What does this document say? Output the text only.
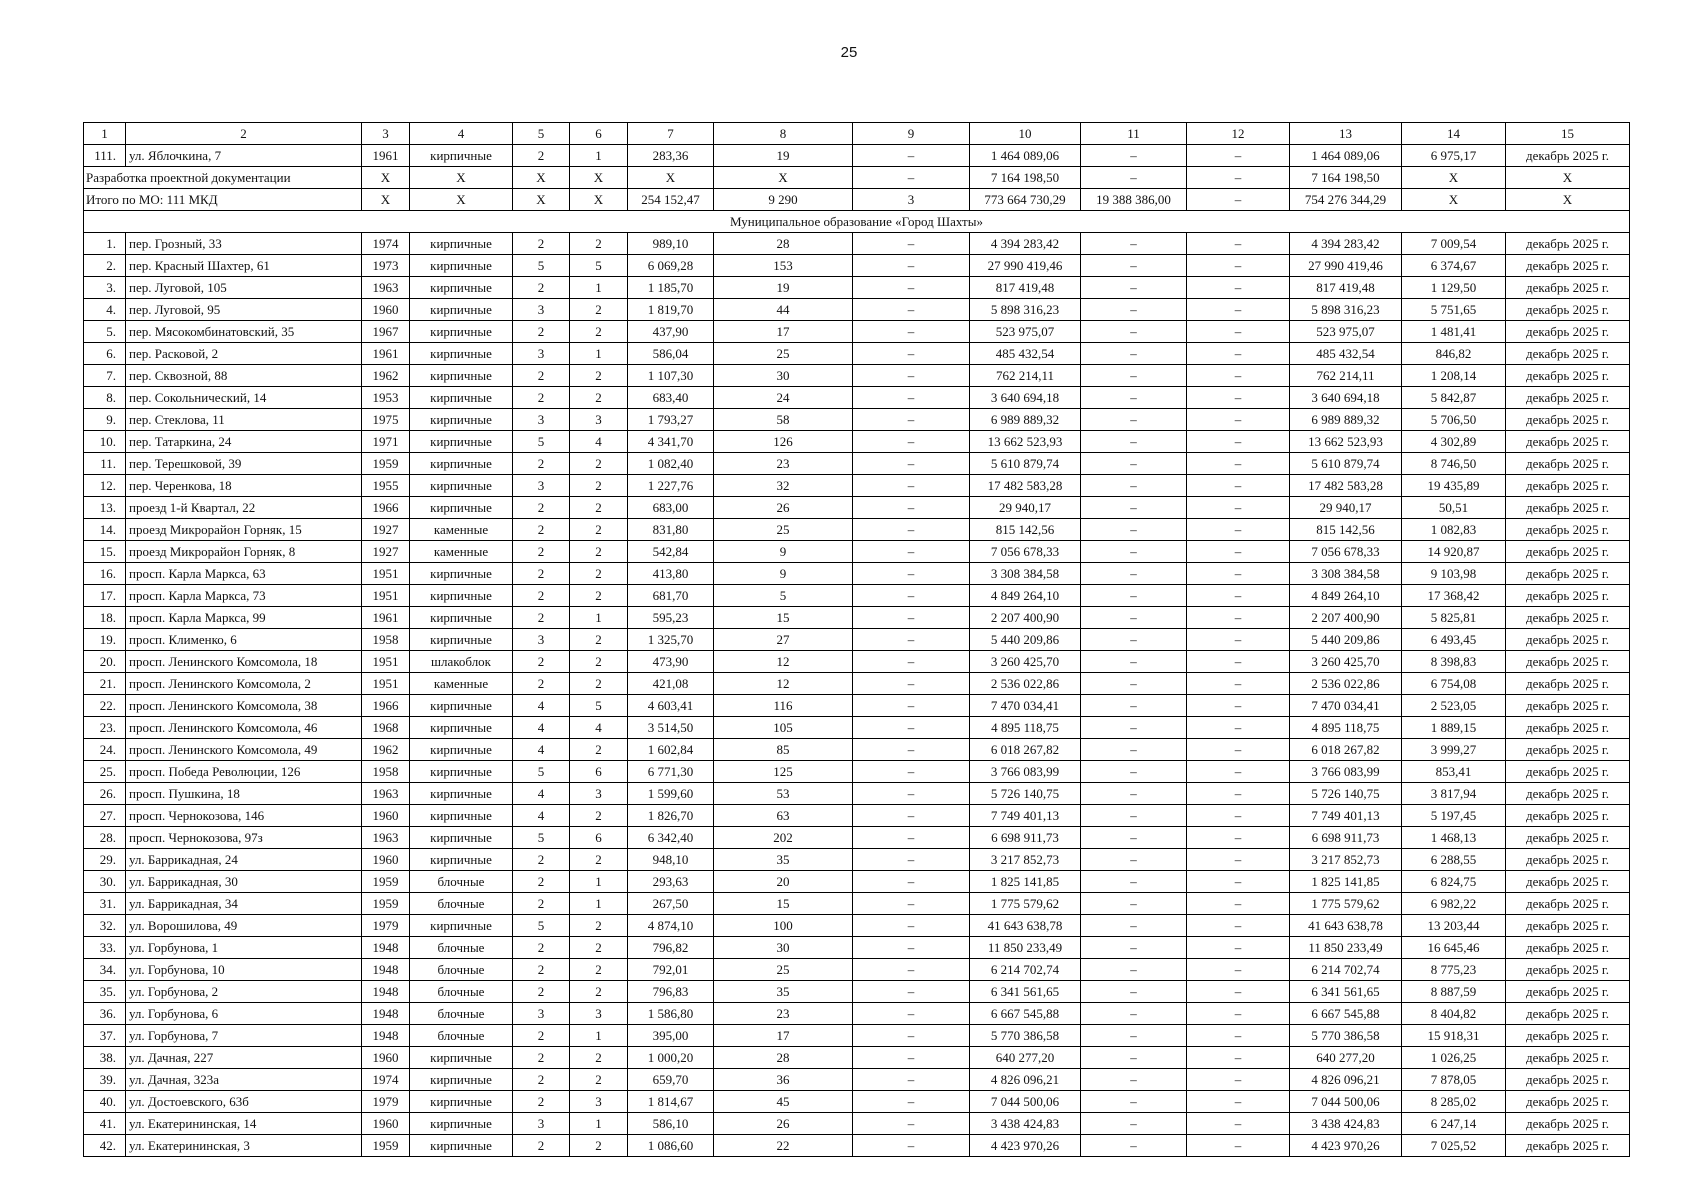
25
1	2	3	4	5	6	7	8	9	10	11	12	13	14	15
111.	ул. Яблочкина, 7	1961	кирпичные	2	1	283,36	19	–	1 464 089,06	–	–	1 464 089,06	6 975,17	декабрь 2025 г.
Разработка проектной документации		X	X	X	X	X	X	–	7 164 198,50	–	–	7 164 198,50	X	X
Итого по МО: 111 МКД		X	X	X	X	254 152,47	9 290	3	773 664 730,29	19 388 386,00	–	754 276 344,29	X	X
Муниципальное образование «Город Шахты»														
1.	пер. Грозный, 33	1974	кирпичные	2	2	989,10	28	–	4 394 283,42	–	–	4 394 283,42	7 009,54	декабрь 2025 г.
2.	пер. Красный Шахтер, 61	1973	кирпичные	5	5	6 069,28	153	–	27 990 419,46	–	–	27 990 419,46	6 374,67	декабрь 2025 г.
3.	пер. Луговой, 105	1963	кирпичные	2	1	1 185,70	19	–	817 419,48	–	–	817 419,48	1 129,50	декабрь 2025 г.
4.	пер. Луговой, 95	1960	кирпичные	3	2	1 819,70	44	–	5 898 316,23	–	–	5 898 316,23	5 751,65	декабрь 2025 г.
5.	пер. Мясокомбинатовский, 35	1967	кирпичные	2	2	437,90	17	–	523 975,07	–	–	523 975,07	1 481,41	декабрь 2025 г.
6.	пер. Расковой, 2	1961	кирпичные	3	1	586,04	25	–	485 432,54	–	–	485 432,54	846,82	декабрь 2025 г.
7.	пер. Сквозной, 88	1962	кирпичные	2	2	1 107,30	30	–	762 214,11	–	–	762 214,11	1 208,14	декабрь 2025 г.
8.	пер. Сокольнический, 14	1953	кирпичные	2	2	683,40	24	–	3 640 694,18	–	–	3 640 694,18	5 842,87	декабрь 2025 г.
9.	пер. Стеклова, 11	1975	кирпичные	3	3	1 793,27	58	–	6 989 889,32	–	–	6 989 889,32	5 706,50	декабрь 2025 г.
10.	пер. Татаркина, 24	1971	кирпичные	5	4	4 341,70	126	–	13 662 523,93	–	–	13 662 523,93	4 302,89	декабрь 2025 г.
11.	пер. Терешковой, 39	1959	кирпичные	2	2	1 082,40	23	–	5 610 879,74	–	–	5 610 879,74	8 746,50	декабрь 2025 г.
12.	пер. Черенкова, 18	1955	кирпичные	3	2	1 227,76	32	–	17 482 583,28	–	–	17 482 583,28	19 435,89	декабрь 2025 г.
13.	проезд 1-й Квартал, 22	1966	кирпичные	2	2	683,00	26	–	29 940,17	–	–	29 940,17	50,51	декабрь 2025 г.
14.	проезд Микрорайон Горняк, 15	1927	каменные	2	2	831,80	25	–	815 142,56	–	–	815 142,56	1 082,83	декабрь 2025 г.
15.	проезд Микрорайон Горняк, 8	1927	каменные	2	2	542,84	9	–	7 056 678,33	–	–	7 056 678,33	14 920,87	декабрь 2025 г.
16.	просп. Карла Маркса, 63	1951	кирпичные	2	2	413,80	9	–	3 308 384,58	–	–	3 308 384,58	9 103,98	декабрь 2025 г.
17.	просп. Карла Маркса, 73	1951	кирпичные	2	2	681,70	5	–	4 849 264,10	–	–	4 849 264,10	17 368,42	декабрь 2025 г.
18.	просп. Карла Маркса, 99	1961	кирпичные	2	1	595,23	15	–	2 207 400,90	–	–	2 207 400,90	5 825,81	декабрь 2025 г.
19.	просп. Клименко, 6	1958	кирпичные	3	2	1 325,70	27	–	5 440 209,86	–	–	5 440 209,86	6 493,45	декабрь 2025 г.
20.	просп. Ленинского Комсомола, 18	1951	шлакоблок	2	2	473,90	12	–	3 260 425,70	–	–	3 260 425,70	8 398,83	декабрь 2025 г.
21.	просп. Ленинского Комсомола, 2	1951	каменные	2	2	421,08	12	–	2 536 022,86	–	–	2 536 022,86	6 754,08	декабрь 2025 г.
22.	просп. Ленинского Комсомола, 38	1966	кирпичные	4	5	4 603,41	116	–	7 470 034,41	–	–	7 470 034,41	2 523,05	декабрь 2025 г.
23.	просп. Ленинского Комсомола, 46	1968	кирпичные	4	4	3 514,50	105	–	4 895 118,75	–	–	4 895 118,75	1 889,15	декабрь 2025 г.
24.	просп. Ленинского Комсомола, 49	1962	кирпичные	4	2	1 602,84	85	–	6 018 267,82	–	–	6 018 267,82	3 999,27	декабрь 2025 г.
25.	просп. Победа Революции, 126	1958	кирпичные	5	6	6 771,30	125	–	3 766 083,99	–	–	3 766 083,99	853,41	декабрь 2025 г.
26.	просп. Пушкина, 18	1963	кирпичные	4	3	1 599,60	53	–	5 726 140,75	–	–	5 726 140,75	3 817,94	декабрь 2025 г.
27.	просп. Чернокозова, 146	1960	кирпичные	4	2	1 826,70	63	–	7 749 401,13	–	–	7 749 401,13	5 197,45	декабрь 2025 г.
28.	просп. Чернокозова, 97з	1963	кирпичные	5	6	6 342,40	202	–	6 698 911,73	–	–	6 698 911,73	1 468,13	декабрь 2025 г.
29.	ул. Баррикадная, 24	1960	кирпичные	2	2	948,10	35	–	3 217 852,73	–	–	3 217 852,73	6 288,55	декабрь 2025 г.
30.	ул. Баррикадная, 30	1959	блочные	2	1	293,63	20	–	1 825 141,85	–	–	1 825 141,85	6 824,75	декабрь 2025 г.
31.	ул. Баррикадная, 34	1959	блочные	2	1	267,50	15	–	1 775 579,62	–	–	1 775 579,62	6 982,22	декабрь 2025 г.
32.	ул. Ворошилова, 49	1979	кирпичные	5	2	4 874,10	100	–	41 643 638,78	–	–	41 643 638,78	13 203,44	декабрь 2025 г.
33.	ул. Горбунова, 1	1948	блочные	2	2	796,82	30	–	11 850 233,49	–	–	11 850 233,49	16 645,46	декабрь 2025 г.
34.	ул. Горбунова, 10	1948	блочные	2	2	792,01	25	–	6 214 702,74	–	–	6 214 702,74	8 775,23	декабрь 2025 г.
35.	ул. Горбунова, 2	1948	блочные	2	2	796,83	35	–	6 341 561,65	–	–	6 341 561,65	8 887,59	декабрь 2025 г.
36.	ул. Горбунова, 6	1948	блочные	3	3	1 586,80	23	–	6 667 545,88	–	–	6 667 545,88	8 404,82	декабрь 2025 г.
37.	ул. Горбунова, 7	1948	блочные	2	1	395,00	17	–	5 770 386,58	–	–	5 770 386,58	15 918,31	декабрь 2025 г.
38.	ул. Дачная, 227	1960	кирпичные	2	2	1 000,20	28	–	640 277,20	–	–	640 277,20	1 026,25	декабрь 2025 г.
39.	ул. Дачная, 323а	1974	кирпичные	2	2	659,70	36	–	4 826 096,21	–	–	4 826 096,21	7 878,05	декабрь 2025 г.
40.	ул. Достоевского, 63б	1979	кирпичные	2	3	1 814,67	45	–	7 044 500,06	–	–	7 044 500,06	8 285,02	декабрь 2025 г.
41.	ул. Екатерининская, 14	1960	кирпичные	3	1	586,10	26	–	3 438 424,83	–	–	3 438 424,83	6 247,14	декабрь 2025 г.
42.	ул. Екатерининская, 3	1959	кирпичные	2	2	1 086,60	22	–	4 423 970,26	–	–	4 423 970,26	7 025,52	декабрь 2025 г.
